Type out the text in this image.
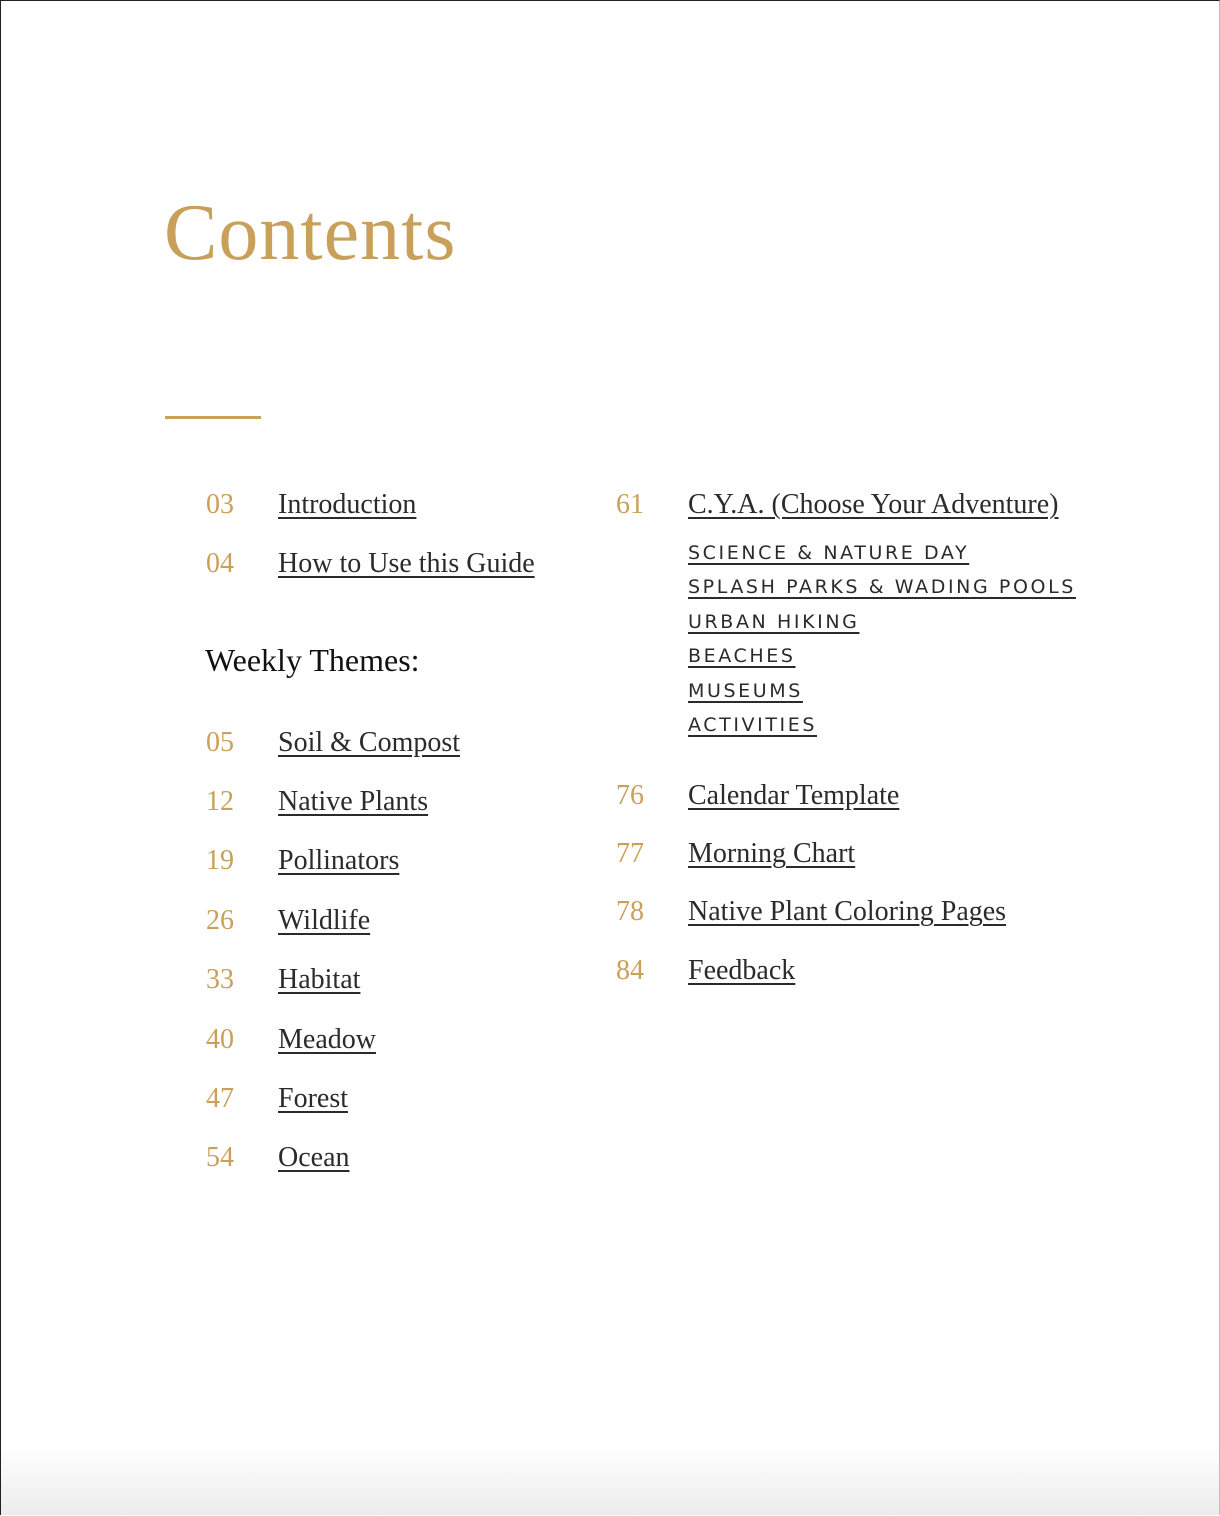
Contents
03 Introduction
04 How to Use this Guide
Weekly Themes:
05 Soil & Compost
12 Native Plants
19 Pollinators
26 Wildlife
33 Habitat
40 Meadow
47 Forest
54 Ocean
61 C.Y.A. (Choose Your Adventure)
SCIENCE & NATURE DAY
SPLASH PARKS & WADING POOLS
URBAN HIKING
BEACHES
MUSEUMS
ACTIVITIES
76 Calendar Template
77 Morning Chart
78 Native Plant Coloring Pages
84 Feedback
